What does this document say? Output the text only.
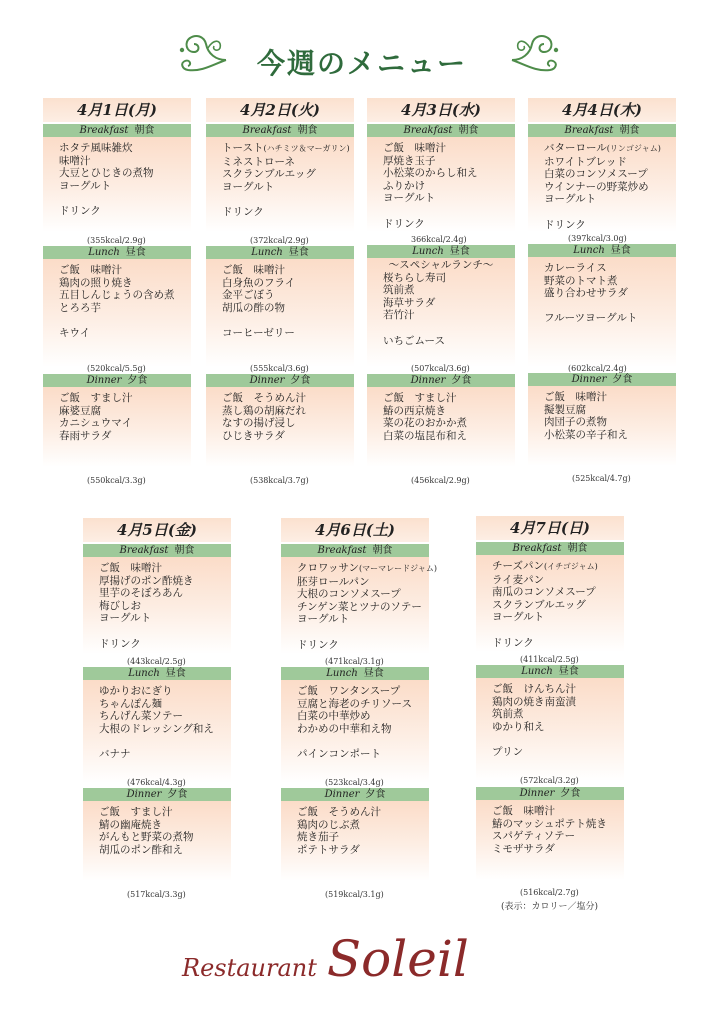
今週のメニュー
4月1日(月)
Breakfast 朝食
ホタテ風味雑炊
味噌汁
大豆とひじきの煮物
ヨーグルト

ドリンク
(355kcal/2.9g)
Lunch 昼食
ご飯　味噌汁
鶏肉の照り焼き
五目しんじょうの含め煮
とろろ芋

キウイ
(520kcal/5.5g)
Dinner 夕食
ご飯　すまし汁
麻婆豆腐
カニシュウマイ
春雨サラダ
(550kcal/3.3g)
4月2日(火)
Breakfast 朝食
トースト(ハチミツ＆マーガリン)
ミネストローネ
スクランブルエッグ
ヨーグルト

ドリンク
(372kcal/2.9g)
Lunch 昼食
ご飯　味噌汁
白身魚のフライ
金平ごぼう
胡瓜の酢の物

コーヒーゼリー
(555kcal/3.6g)
Dinner 夕食
ご飯　そうめん汁
蒸し鶏の胡麻だれ
なすの揚げ浸し
ひじきサラダ
(538kcal/3.7g)
4月3日(水)
Breakfast 朝食
ご飯　味噌汁
厚焼き玉子
小松菜のからし和え
ふりかけ
ヨーグルト

ドリンク
366kcal/2.4g)
Lunch 昼食
～スペシャルランチ～
桜ちらし寿司
筑前煮
海草サラダ
若竹汁

いちごムース
(507kcal/3.6g)
Dinner 夕食
ご飯　すまし汁
鰆の西京焼き
菜の花のおかか煮
白菜の塩昆布和え
(456kcal/2.9g)
4月4日(木)
Breakfast 朝食
バターロール(リンゴジャム)
ホワイトブレッド
白菜のコンソメスープ
ウインナーの野菜炒め
ヨーグルト

ドリンク
(397kcal/3.0g)
Lunch 昼食
カレーライス
野菜のトマト煮
盛り合わせサラダ

フルーツヨーグルト
(602kcal/2.4g)
Dinner 夕食
ご飯　味噌汁
擬製豆腐
肉団子の煮物
小松菜の辛子和え
(525kcal/4.7g)
4月5日(金)
Breakfast 朝食
ご飯　味噌汁
厚揚げのポン酢焼き
里芋のそぼろあん
梅びしお
ヨーグルト

ドリンク
(443kcal/2.5g)
Lunch 昼食
ゆかりおにぎり
ちゃんぽん麺
ちんげん菜ソテー
大根のドレッシング和え

バナナ
(476kcal/4.3g)
Dinner 夕食
ご飯　すまし汁
鯖の幽庵焼き
がんもと野菜の煮物
胡瓜のポン酢和え
(517kcal/3.3g)
4月6日(土)
Breakfast 朝食
クロワッサン(マーマレードジャム)
胚芽ロールパン
大根のコンソメスープ
チンゲン菜とツナのソテー
ヨーグルト

ドリンク
(471kcal/3.1g)
Lunch 昼食
ご飯　ワンタンスープ
豆腐と海老のチリソース
白菜の中華炒め
わかめの中華和え物

パインコンポート
(523kcal/3.4g)
Dinner 夕食
ご飯　そうめん汁
鶏肉のじぶ煮
焼き茄子
ポテトサラダ
(519kcal/3.1g)
4月7日(日)
Breakfast 朝食
チーズパン(イチゴジャム)
ライ麦パン
南瓜のコンソメスープ
スクランブルエッグ
ヨーグルト

ドリンク
(411kcal/2.5g)
Lunch 昼食
ご飯　けんちん汁
鶏肉の焼き南蛮漬
筑前煮
ゆかり和え

プリン
(572kcal/3.2g)
Dinner 夕食
ご飯　味噌汁
鰆のマッシュポテト焼き
スパゲティソテー
ミモザサラダ
(516kcal/2.7g)
(表示：カロリー／塩分)
Restaurant Soleil
